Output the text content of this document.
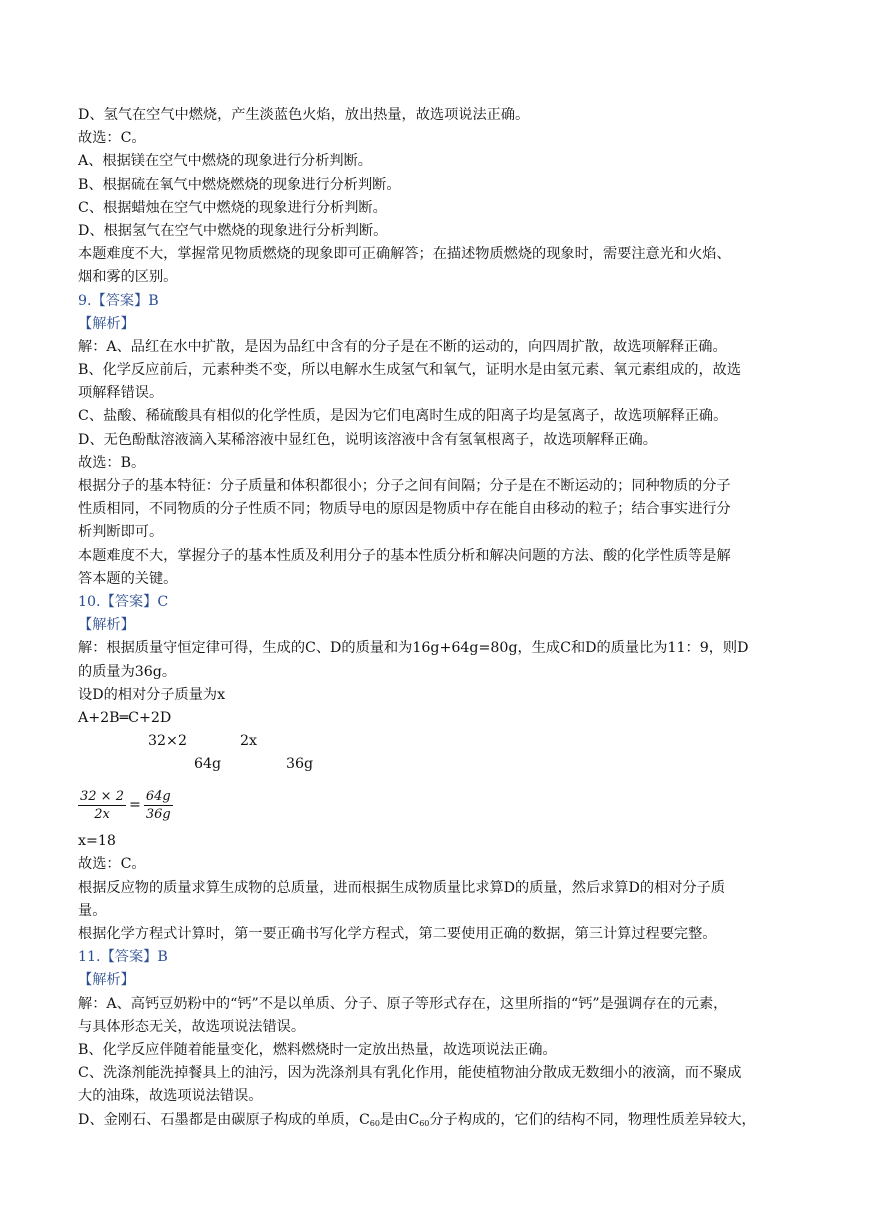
D、氢气在空气中燃烧，产生淡蓝色火焰，放出热量，故选项说法正确。
故选：C。
A、根据镁在空气中燃烧的现象进行分析判断。
B、根据硫在氧气中燃烧燃烧的现象进行分析判断。
C、根据蜡烛在空气中燃烧的现象进行分析判断。
D、根据氢气在空气中燃烧的现象进行分析判断。
本题难度不大，掌握常见物质燃烧的现象即可正确解答；在描述物质燃烧的现象时，需要注意光和火焰、
烟和雾的区别。
9.【答案】B
【解析】
解：A、品红在水中扩散，是因为品红中含有的分子是在不断的运动的，向四周扩散，故选项解释正确。
B、化学反应前后，元素种类不变，所以电解水生成氢气和氧气，证明水是由氢元素、氧元素组成的，故选
项解释错误。
C、盐酸、稀硫酸具有相似的化学性质，是因为它们电离时生成的阳离子均是氢离子，故选项解释正确。
D、无色酚酞溶液滴入某稀溶液中显红色，说明该溶液中含有氢氧根离子，故选项解释正确。
故选：B。
根据分子的基本特征：分子质量和体积都很小；分子之间有间隔；分子是在不断运动的；同种物质的分子
性质相同，不同物质的分子性质不同；物质导电的原因是物质中存在能自由移动的粒子；结合事实进行分
析判断即可。
本题难度不大，掌握分子的基本性质及利用分子的基本性质分析和解决问题的方法、酸的化学性质等是解
答本题的关键。
10.【答案】C
【解析】
解：根据质量守恒定律可得，生成的C、D的质量和为16g+64g=80g，生成C和D的质量比为11：9，则D
的质量为36g。
设D的相对分子质量为x
A+2B═C+2D
32×2	2x
64g	36g
$\frac{32 \times 2}{2x} = \frac{64g}{36g}$
x=18
故选：C。
根据反应物的质量求算生成物的总质量，进而根据生成物质量比求算D的质量，然后求算D的相对分子质
量。
根据化学方程式计算时，第一要正确书写化学方程式，第二要使用正确的数据，第三计算过程要完整。
11.【答案】B
【解析】
解：A、高钙豆奶粉中的“钙”不是以单质、分子、原子等形式存在，这里所指的“钙”是强调存在的元素，
与具体形态无关，故选项说法错误。
B、化学反应伴随着能量变化，燃料燃烧时一定放出热量，故选项说法正确。
C、洗涤剂能洗掉餐具上的油污，因为洗涤剂具有乳化作用，能使植物油分散成无数细小的液滴，而不聚成
大的油珠，故选项说法错误。
D、金刚石、石墨都是由碳原子构成的单质，$C_{60}$是由$C_{60}$分子构成的，它们的结构不同，物理性质差异较大，
